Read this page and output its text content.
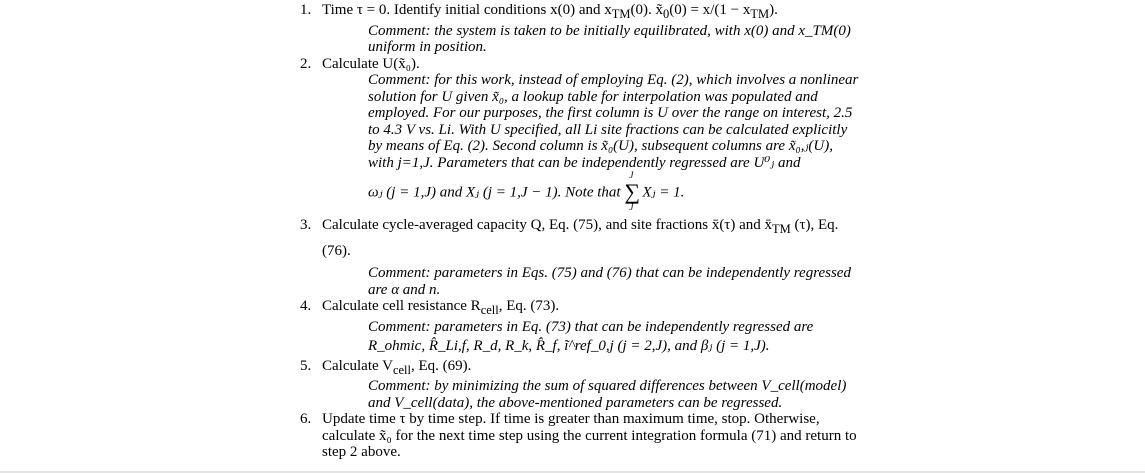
1. Time τ = 0. Identify initial conditions x(0) and $x_{TM}(0)$. $x̃_0(0) = x/(1 - x_{TM})$.
Comment: the system is taken to be initially equilibrated, with x(0) and x_TM(0)
uniform in position.
2. Calculate U(x̃₀).
Comment: for this work, instead of employing Eq. (2), which involves a nonlinear
solution for U given x̃₀, a lookup table for interpolation was populated and
employed. For our purposes, the first column is U over the range on interest, 2.5
to 4.3 V vs. Li. With U specified, all Li site fractions can be calculated explicitly
by means of Eq. (2). Second column is x̃₀(U), subsequent columns are x̃₀,ⱼ(U),
with j=1,J. Parameters that can be independently regressed are U⁰ⱼ and
ωⱼ (j = 1,J) and Xⱼ (j = 1,J − 1). Note that
J
∑
J
Xⱼ = 1.
3. Calculate cycle-averaged capacity Q, Eq. (75), and site fractions x̄(τ) and $x̄_{TM}$ (τ), Eq.
(76).
Comment: parameters in Eqs. (75) and (76) that can be independently regressed
are α and n.
4. Calculate cell resistance $R_{cell}$, Eq. (73).
Comment: parameters in Eq. (73) that can be independently regressed are
R_ohmic, R̂_Li,f, R_d, R_k, R̂_f, ĩ^ref_0,j (j = 2,J), and βⱼ (j = 1,J).
5. Calculate $V_{cell}$, Eq. (69).
Comment: by minimizing the sum of squared differences between V_cell(model)
and V_cell(data), the above-mentioned parameters can be regressed.
6. Update time τ by time step. If time is greater than maximum time, stop. Otherwise,
calculate x̃₀ for the next time step using the current integration formula (71) and return to
step 2 above.
